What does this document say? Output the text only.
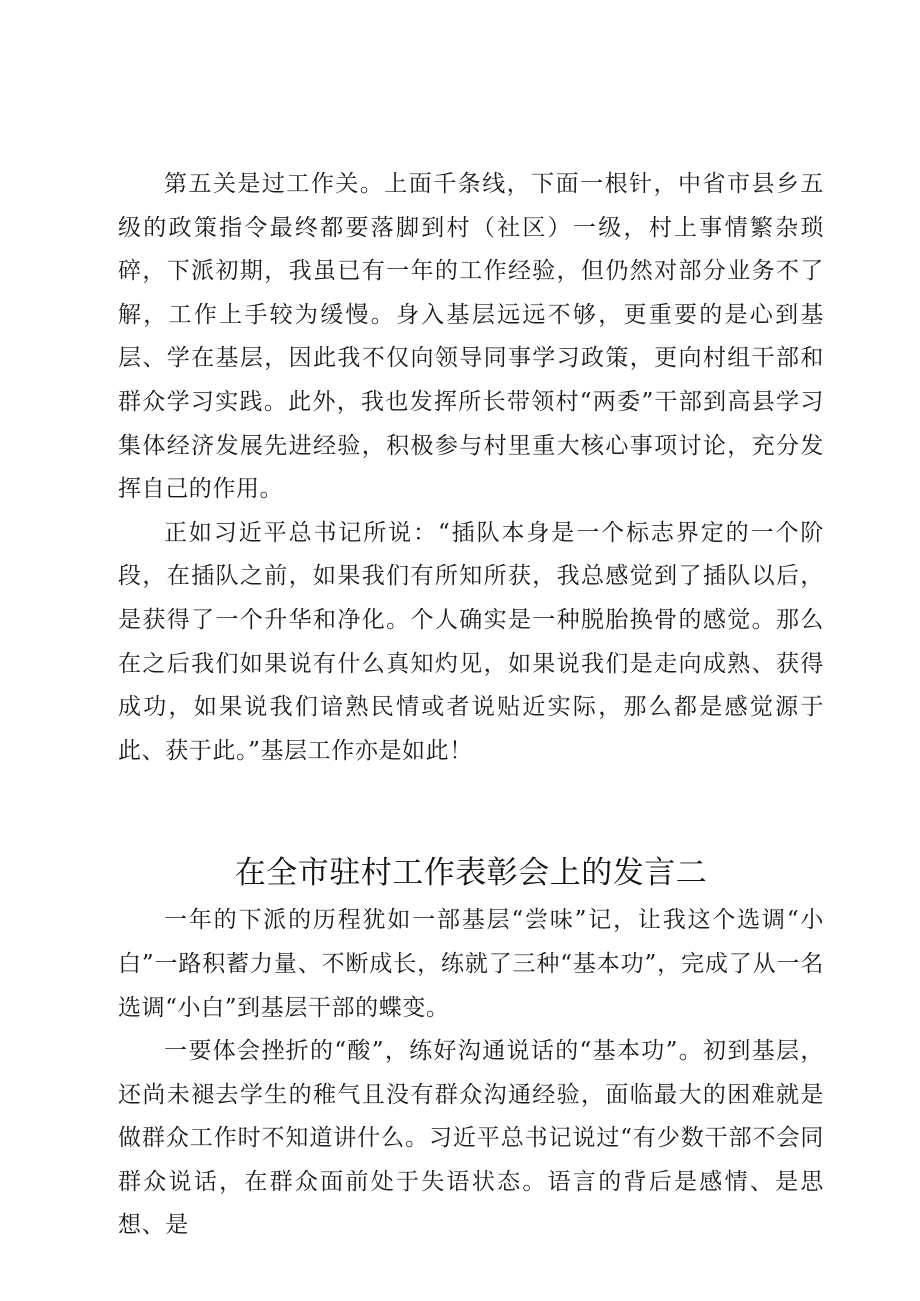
第五关是过工作关。上面千条线，下面一根针，中省市县乡五级的政策指令最终都要落脚到村（社区）一级，村上事情繁杂琐碎，下派初期，我虽已有一年的工作经验，但仍然对部分业务不了解，工作上手较为缓慢。身入基层远远不够，更重要的是心到基层、学在基层，因此我不仅向领导同事学习政策，更向村组干部和群众学习实践。此外，我也发挥所长带领村“两委”干部到高县学习集体经济发展先进经验，积极参与村里重大核心事项讨论，充分发挥自己的作用。

正如习近平总书记所说：“插队本身是一个标志界定的一个阶段，在插队之前，如果我们有所知所获，我总感觉到了插队以后，是获得了一个升华和净化。个人确实是一种脱胎换骨的感觉。那么在之后我们如果说有什么真知灼见，如果说我们是走向成熟、获得成功，如果说我们谙熟民情或者说贴近实际，那么都是感觉源于此、获于此。”基层工作亦是如此！

在全市驻村工作表彰会上的发言二

一年的下派的历程犹如一部基层“尝味”记，让我这个选调“小白”一路积蓄力量、不断成长，练就了三种“基本功”，完成了从一名选调“小白”到基层干部的蝶变。

一要体会挫折的“酸”，练好沟通说话的“基本功”。初到基层，还尚未褪去学生的稚气且没有群众沟通经验，面临最大的困难就是做群众工作时不知道讲什么。习近平总书记说过“有少数干部不会同群众说话，在群众面前处于失语状态。语言的背后是感情、是思想、是
